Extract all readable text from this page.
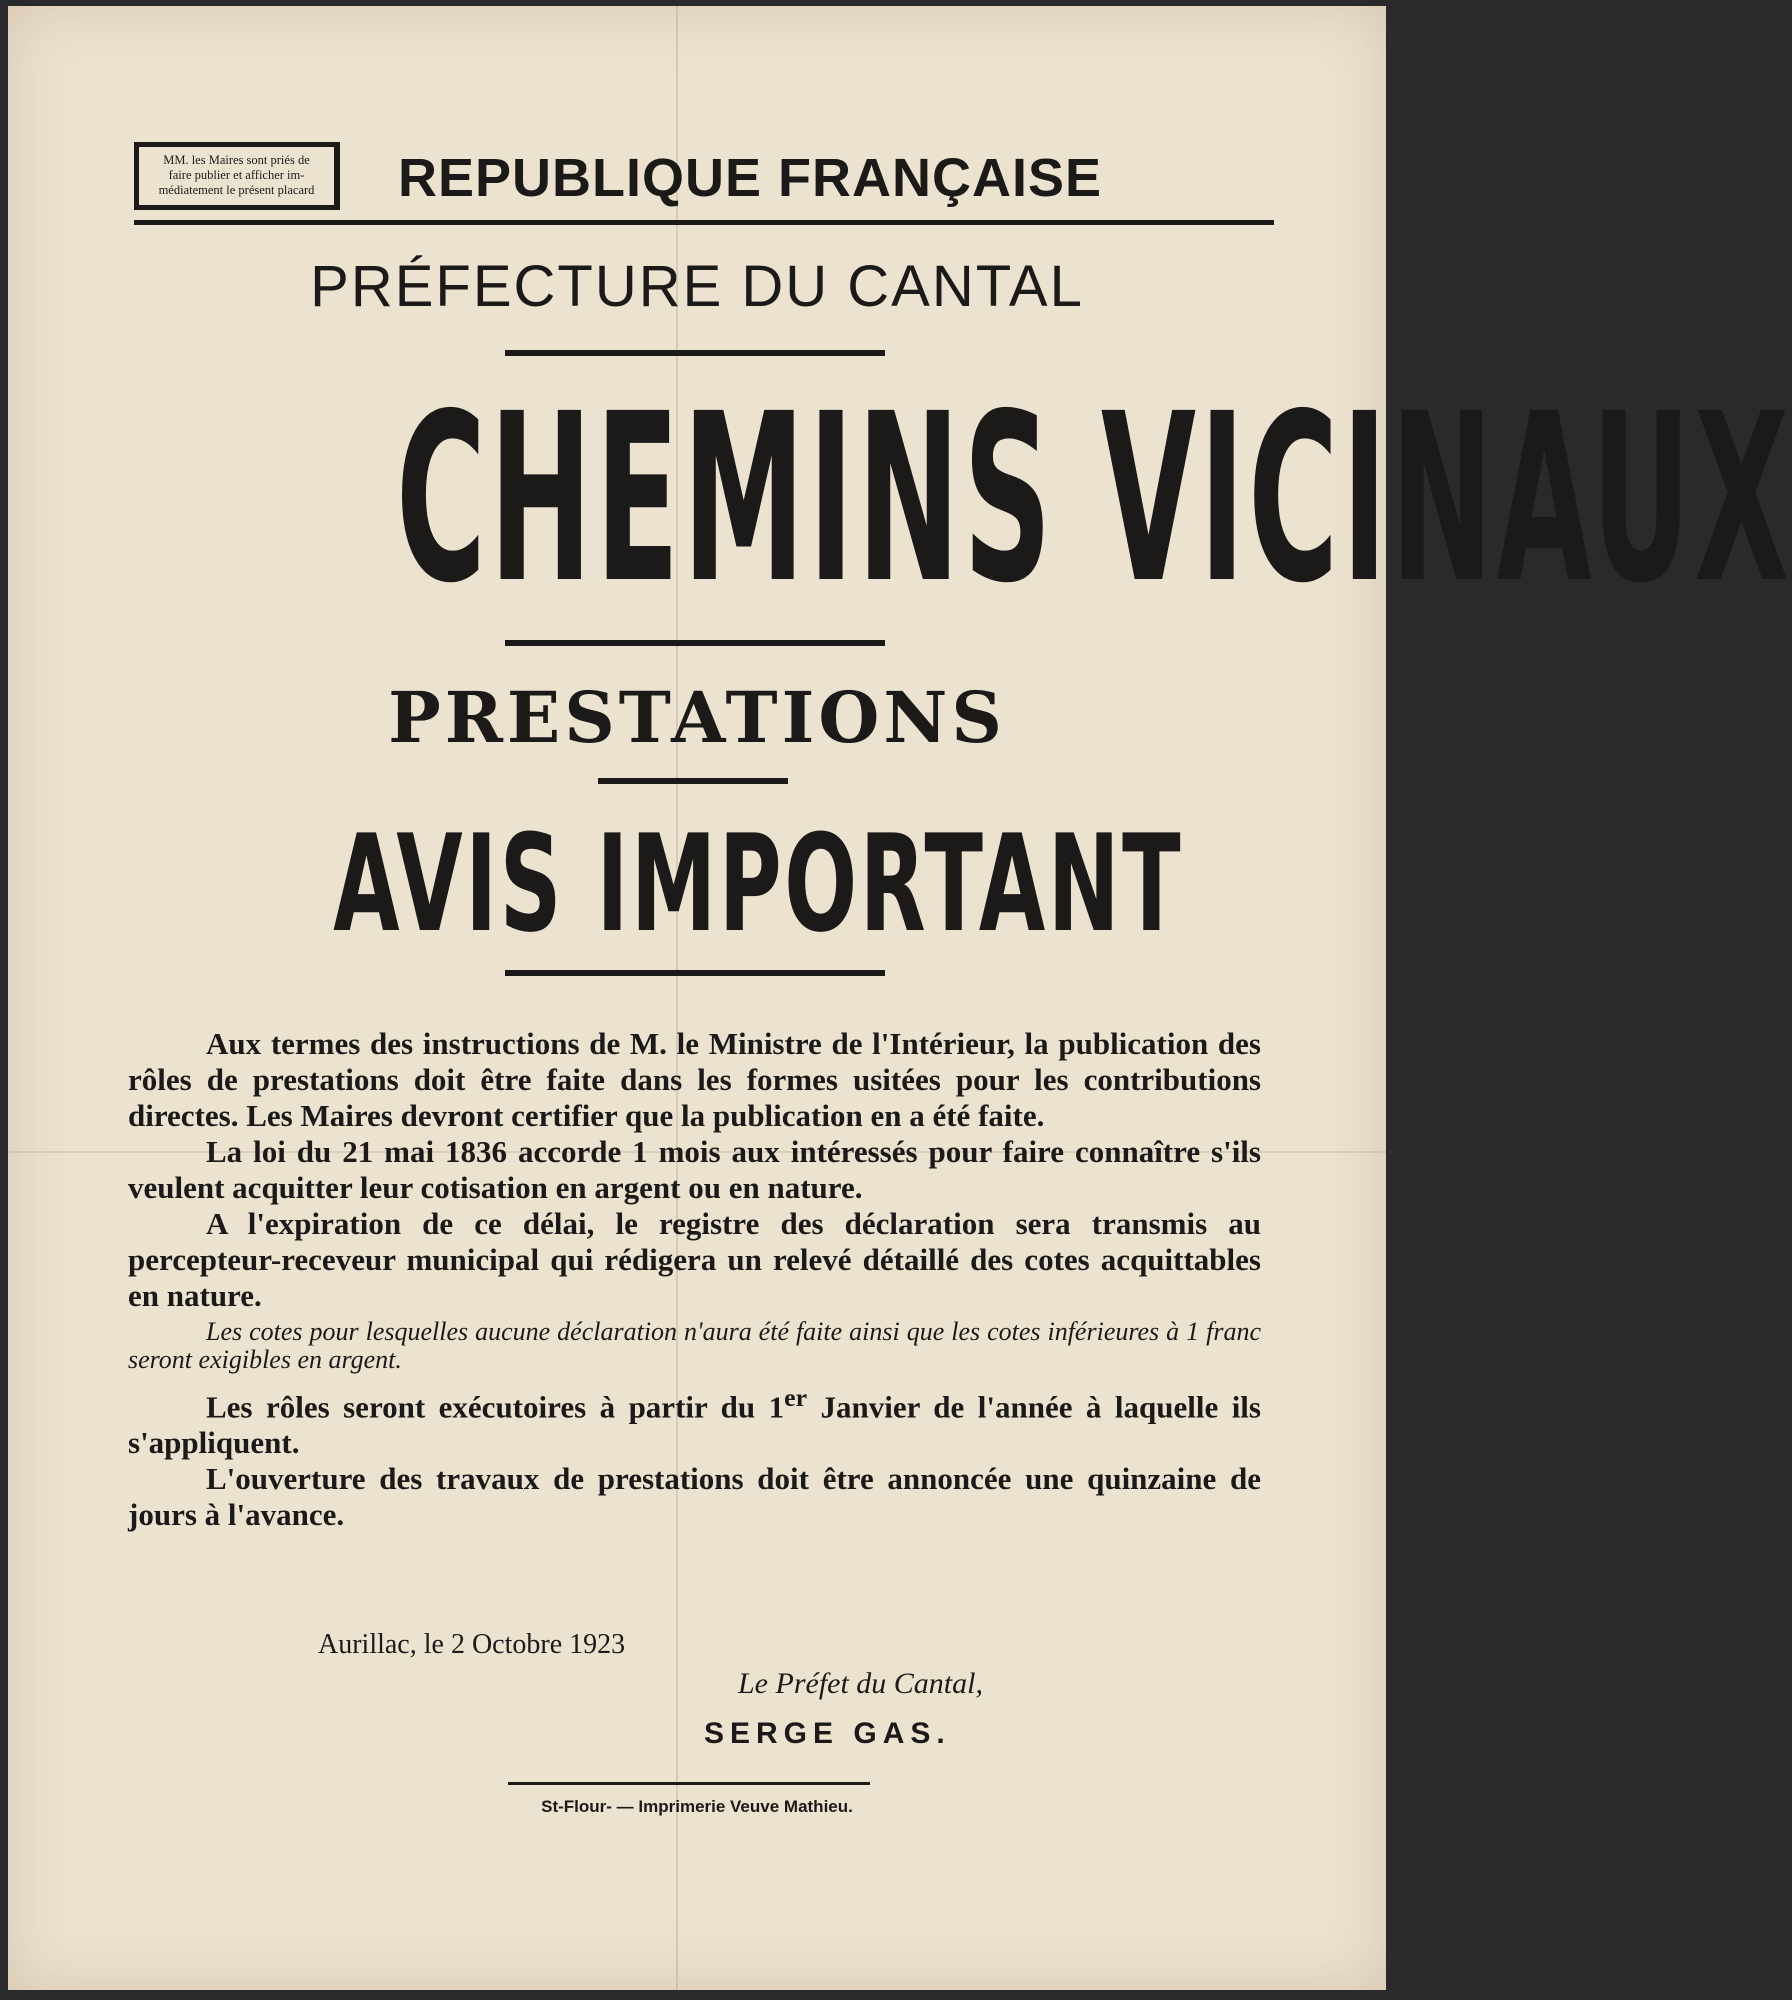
MM. les Maires sont priés de
faire publier et afficher im-
médiatement le présent placard REPUBLIQUE FRANÇAISE
PRÉFECTURE DU CANTAL
CHEMINS VICINAUX
PRESTATIONS
AVIS IMPORTANT

Aux termes des instructions de M. le Ministre de l'Intérieur, la publication des rôles de prestations doit être faite dans les formes usitées pour les contributions directes. Les Maires devront certifier que la publication en a été faite.

La loi du 21 mai 1836 accorde 1 mois aux intéressés pour faire connaître s'ils veulent acquitter leur cotisation en argent ou en nature.

A l'expiration de ce délai, le registre des déclaration sera transmis au percepteur-receveur municipal qui rédigera un relevé détaillé des cotes acquittables en nature.

Les cotes pour lesquelles aucune déclaration n'aura été faite ainsi que les cotes inférieures à 1 franc seront exigibles en argent.

Les rôles seront exécutoires à partir du 1er Janvier de l'année à laquelle ils s'appliquent.

L'ouverture des travaux de prestations doit être annoncée une quinzaine de jours à l'avance.

Aurillac, le 2 Octobre 1923
Le Préfet du Cantal,
SERGE GAS.
St-Flour- — Imprimerie Veuve Mathieu.
